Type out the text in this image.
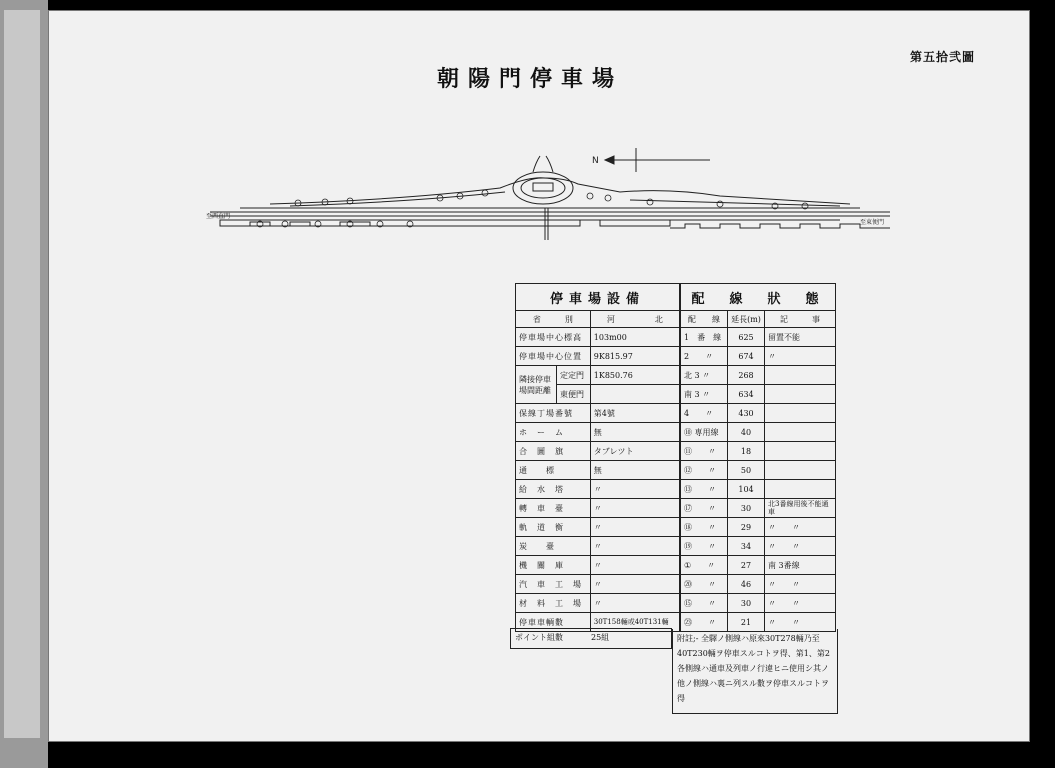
第五拾弐圖
朝陽門停車場
N
至西直門
至東便門
停車場設備		
省　　　別		河　　　　　北
停車場中心標高		103m00
停車場中心位置		9K815.97
隣接停車場間距離	定定門	1K850.76
	東便門	
保線丁場番號		第4號
ホ　ー　ム		無
合　圖　旗		タブレツト
通　　標		無
給　水　塔		〃
轉　車　臺		〃
軌　道　衡		〃
炭　　臺		〃
機　關　庫		〃
汽　車　工　場		〃
材　料　工　場		〃
停車車輌數		30T158輛或40T131輛
ポイント組數	25組
配　線　狀　態		
配　　線	延長(m)	記　　　事
1　番　線	625	留置不能
2　　〃	674	〃
北 3 〃	268	
南 3 〃	634	
4　　〃	430	
⑩ 専用線	40	
⑪　　〃	18	
⑫　　〃	50	
⑬　　〃	104	
⑰　　〃	30	北3番線用後不能通車
⑱　　〃	29	〃　　〃
⑲　　〃	34	〃　　〃
①　　〃	27	南 3番線
⑳　　〃	46	〃　　〃
⑮　　〃	30	〃　　〃
㉓　　〃	21	〃　　〃
附註;- 全驛ノ側線ハ原來30T278輛乃至40T230輛ヲ停車スルコトヲ得、第1、第2各側線ハ通車及列車ノ行違ヒニ使用シ其ノ他ノ側線ハ裏ニ列スル數ヲ停車スルコトヲ得
